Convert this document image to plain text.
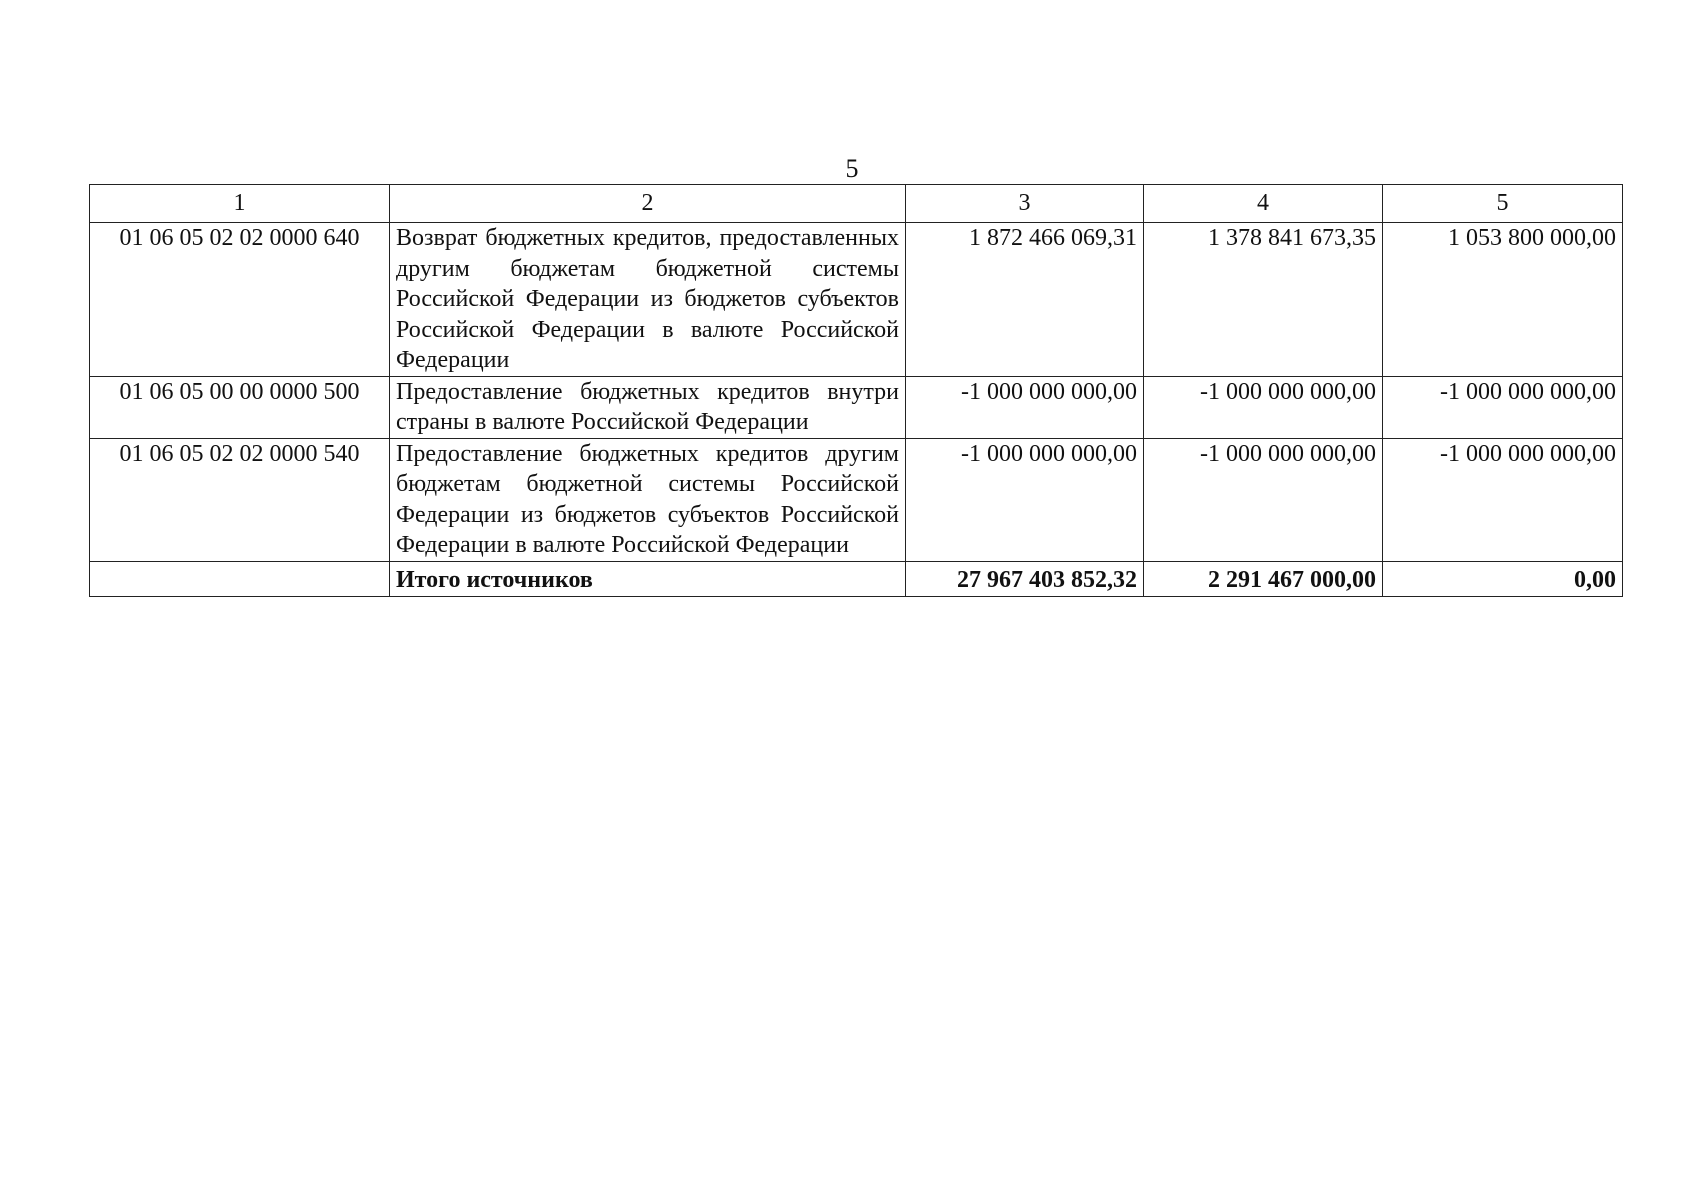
5
1	2	3	4	5
01 06 05 02 02 0000 640	Возврат бюджетных кредитов, предоставленных другим бюджетам бюджетной системы Российской Федерации из бюджетов субъектов Российской Федерации в валюте Российской Федерации	1 872 466 069,31	1 378 841 673,35	1 053 800 000,00
01 06 05 00 00 0000 500	Предоставление бюджетных кредитов внутри страны в валюте Российской Федерации	-1 000 000 000,00	-1 000 000 000,00	-1 000 000 000,00
01 06 05 02 02 0000 540	Предоставление бюджетных кредитов другим бюджетам бюджетной системы Российской Федерации из бюджетов субъектов Российской Федерации в валюте Российской Федерации	-1 000 000 000,00	-1 000 000 000,00	-1 000 000 000,00
	Итого источников	27 967 403 852,32	2 291 467 000,00	0,00
